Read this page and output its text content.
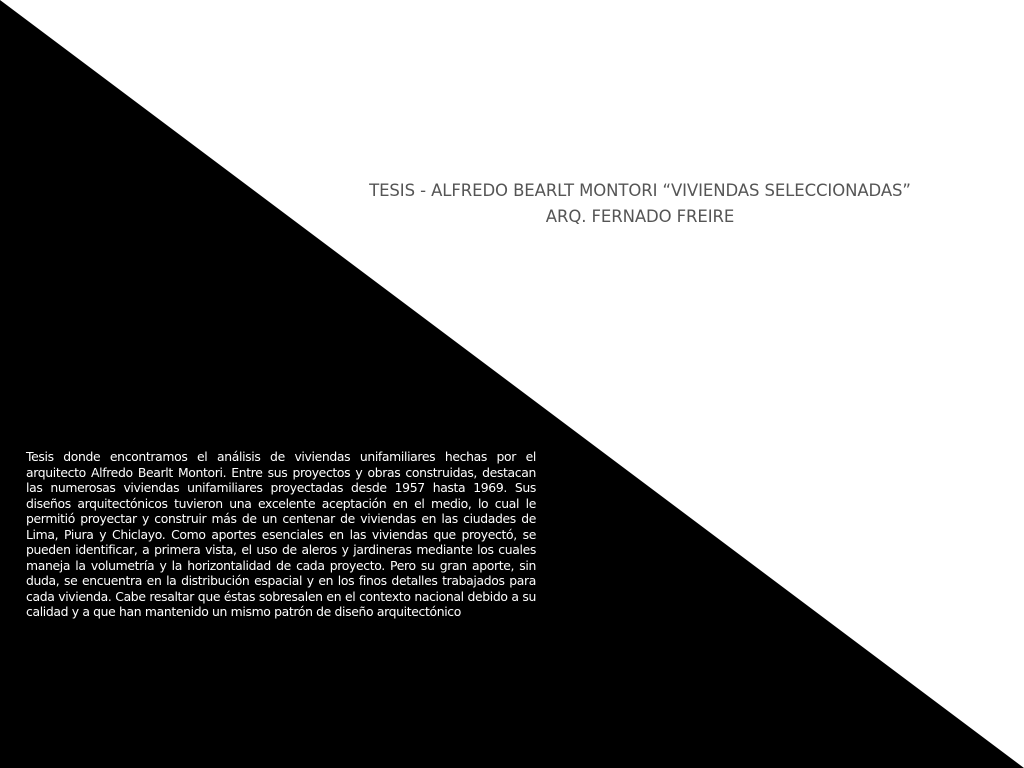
TESIS - ALFREDO BEARLT MONTORI “VIVIENDAS SELECCIONADAS”
ARQ. FERNADO FREIRE

Tesis donde encontramos el análisis de viviendas unifamiliares hechas por el arquitecto Alfredo Bearlt Montori. Entre sus proyectos y obras construidas, destacan las numerosas viviendas unifamiliares proyectadas desde 1957 hasta 1969. Sus diseños arquitectónicos tuvieron una excelente aceptación en el medio, lo cual le permitió proyectar y construir más de un centenar de viviendas en las ciudades de Lima, Piura y Chiclayo. Como aportes esenciales en las viviendas que proyectó, se pueden identificar, a primera vista, el uso de aleros y jardineras mediante los cuales maneja la volumetría y la horizontalidad de cada proyecto. Pero su gran aporte, sin duda, se encuentra en la distribución espacial y en los finos detalles trabajados para cada vivienda. Cabe resaltar que éstas sobresalen en el contexto nacional debido a su calidad y a que han mantenido un mismo patrón de diseño arquitectónico
